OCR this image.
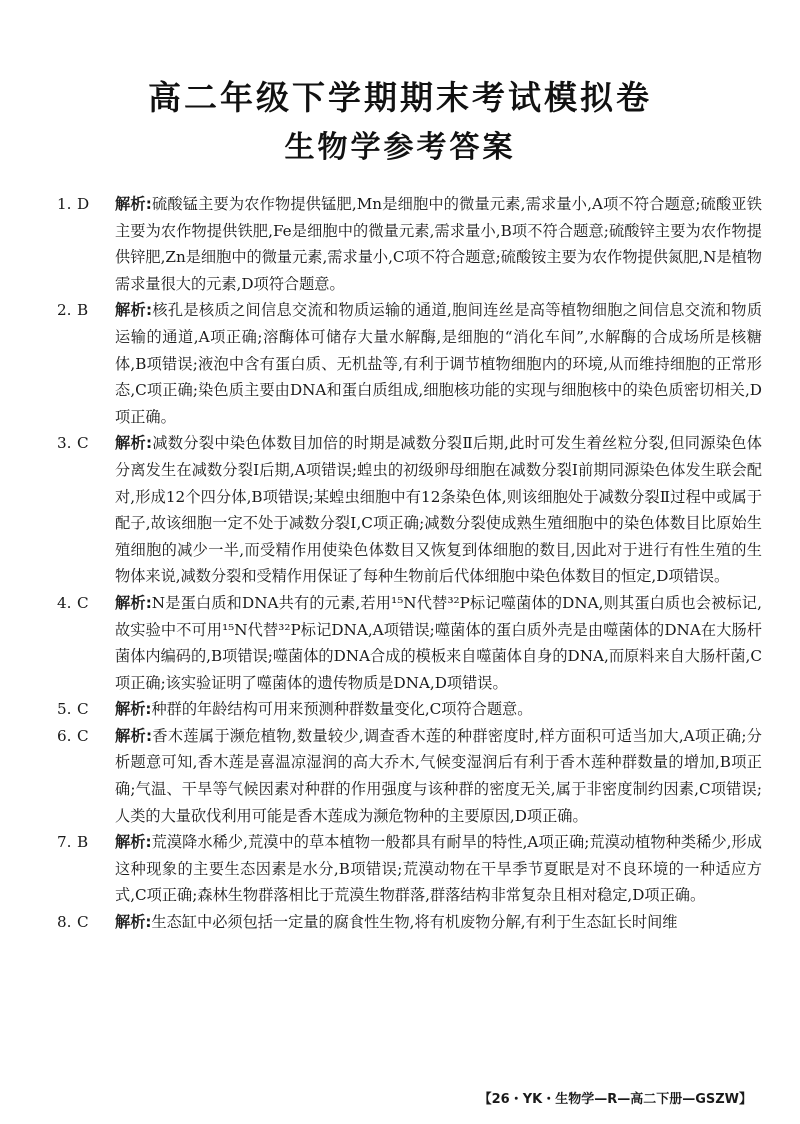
高二年级下学期期末考试模拟卷
生物学参考答案
1. D	解析:硫酸锰主要为农作物提供锰肥,Mn是细胞中的微量元素,需求量小,A项不符合题意;硫酸亚铁主要为农作物提供铁肥,Fe是细胞中的微量元素,需求量小,B项不符合题意;硫酸锌主要为农作物提供锌肥,Zn是细胞中的微量元素,需求量小,C项不符合题意;硫酸铵主要为农作物提供氮肥,N是植物需求量很大的元素,D项符合题意。
2. B	解析:核孔是核质之间信息交流和物质运输的通道,胞间连丝是高等植物细胞之间信息交流和物质运输的通道,A项正确;溶酶体可储存大量水解酶,是细胞的“消化车间”,水解酶的合成场所是核糖体,B项错误;液泡中含有蛋白质、无机盐等,有利于调节植物细胞内的环境,从而维持细胞的正常形态,C项正确;染色质主要由DNA和蛋白质组成,细胞核功能的实现与细胞核中的染色质密切相关,D项正确。
3. C	解析:减数分裂中染色体数目加倍的时期是减数分裂Ⅱ后期,此时可发生着丝粒分裂,但同源染色体分离发生在减数分裂Ⅰ后期,A项错误;蝗虫的初级卵母细胞在减数分裂Ⅰ前期同源染色体发生联会配对,形成12个四分体,B项错误;某蝗虫细胞中有12条染色体,则该细胞处于减数分裂Ⅱ过程中或属于配子,故该细胞一定不处于减数分裂Ⅰ,C项正确;减数分裂使成熟生殖细胞中的染色体数目比原始生殖细胞的减少一半,而受精作用使染色体数目又恢复到体细胞的数目,因此对于进行有性生殖的生物体来说,减数分裂和受精作用保证了每种生物前后代体细胞中染色体数目的恒定,D项错误。
4. C	解析:N是蛋白质和DNA共有的元素,若用¹⁵N代替³²P标记噬菌体的DNA,则其蛋白质也会被标记,故实验中不可用¹⁵N代替³²P标记DNA,A项错误;噬菌体的蛋白质外壳是由噬菌体的DNA在大肠杆菌体内编码的,B项错误;噬菌体的DNA合成的模板来自噬菌体自身的DNA,而原料来自大肠杆菌,C项正确;该实验证明了噬菌体的遗传物质是DNA,D项错误。
5. C	解析:种群的年龄结构可用来预测种群数量变化,C项符合题意。
6. C	解析:香木莲属于濒危植物,数量较少,调查香木莲的种群密度时,样方面积可适当加大,A项正确;分析题意可知,香木莲是喜温凉湿润的高大乔木,气候变湿润后有利于香木莲种群数量的增加,B项正确;气温、干旱等气候因素对种群的作用强度与该种群的密度无关,属于非密度制约因素,C项错误;人类的大量砍伐利用可能是香木莲成为濒危物种的主要原因,D项正确。
7. B	解析:荒漠降水稀少,荒漠中的草本植物一般都具有耐旱的特性,A项正确;荒漠动植物种类稀少,形成这种现象的主要生态因素是水分,B项错误;荒漠动物在干旱季节夏眠是对不良环境的一种适应方式,C项正确;森林生物群落相比于荒漠生物群落,群落结构非常复杂且相对稳定,D项正确。
8. C	解析:生态缸中必须包括一定量的腐食性生物,将有机废物分解,有利于生态缸长时间维
【26・YK・生物学—R—高二下册—GSZW】
